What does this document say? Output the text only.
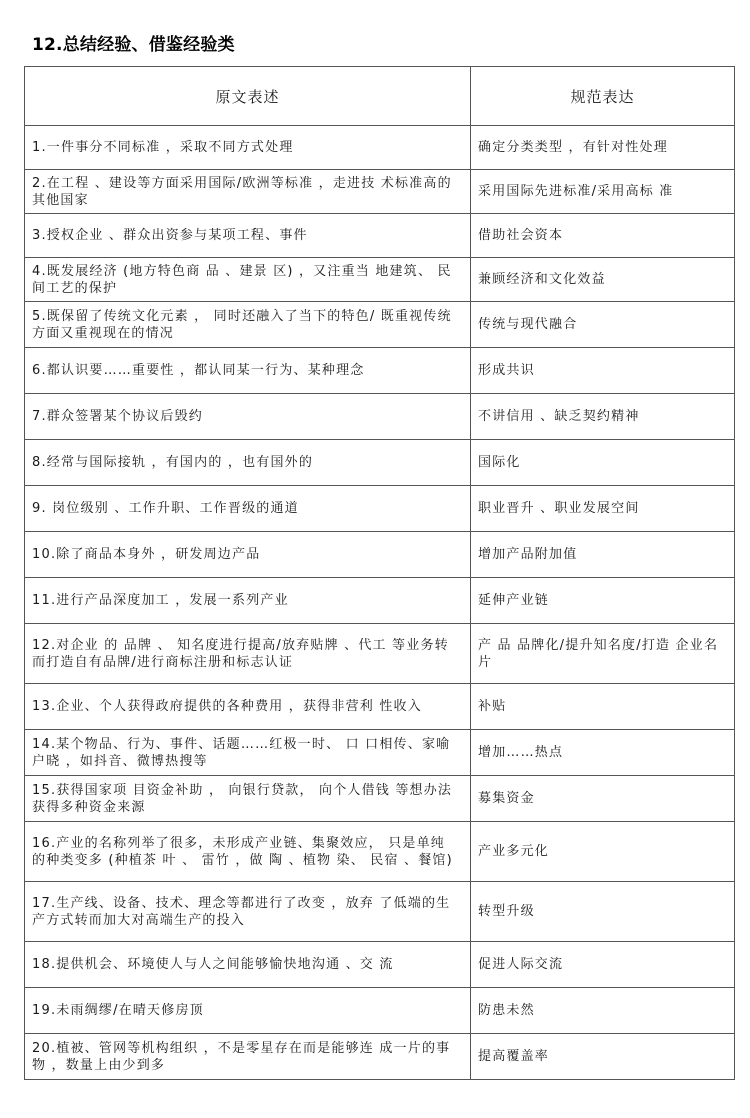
12.总结经验、借鉴经验类
原文表述	规范表达

1.一件事分不同标准 ，采取不同方式处理	确定分类类型 ，有针对性处理

2.在工程 、建设等方面采用国际/欧洲等标准 ，走进技 术标准高的其他国家	采用国际先进标准/采用高标 准

3.授权企业 、群众出资参与某项工程、事件	借助社会资本

4.既发展经济 (地方特色商 品 、建景 区) ，又注重当 地建筑、 民间工艺的保护	兼顾经济和文化效益

5.既保留了传统文化元素 ， 同时还融入了当下的特色/ 既重视传统方面又重视现在的情况	传统与现代融合

6.都认识要……重要性 ，都认同某一行为、某种理念	形成共识

7.群众签署某个协议后毁约	不讲信用 、缺乏契约精神

8.经常与国际接轨 ，有国内的 ，也有国外的	国际化

9. 岗位级别 、工作升职、工作晋级的通道	职业晋升 、职业发展空间

10.除了商品本身外 ，研发周边产品	增加产品附加值

11.进行产品深度加工 ，发展一系列产业	延伸产业链

12.对企业 的 品牌 、 知名度进行提高/放弃贴牌 、代工 等业务转而打造自有品牌/进行商标注册和标志认证	产 品 品牌化/提升知名度/打造 企业名片

13.企业、个人获得政府提供的各种费用 ，获得非营利 性收入	补贴

14.某个物品、行为、事件、话题……红极一时、 口 口相传、家喻户晓 ，如抖音、微博热搜等	增加……热点

15.获得国家项 目资金补助 ， 向银行贷款， 向个人借钱 等想办法获得多种资金来源	募集资金

16.产业的名称列举了很多，未形成产业链、集聚效应， 只是单纯 的种类变多 (种植茶 叶 、 雷竹 ，做 陶 、植物 染、 民宿 、餐馆)	产业多元化

17.生产线、设备、技术、理念等都进行了改变 ，放弃 了低端的生产方式转而加大对高端生产的投入	转型升级

18.提供机会、环境使人与人之间能够愉快地沟通 、交 流	促进人际交流

19.未雨绸缪/在晴天修房顶	防患未然

20.植被、管网等机构组织 ，不是零星存在而是能够连 成一片的事物 ，数量上由少到多	提高覆盖率
